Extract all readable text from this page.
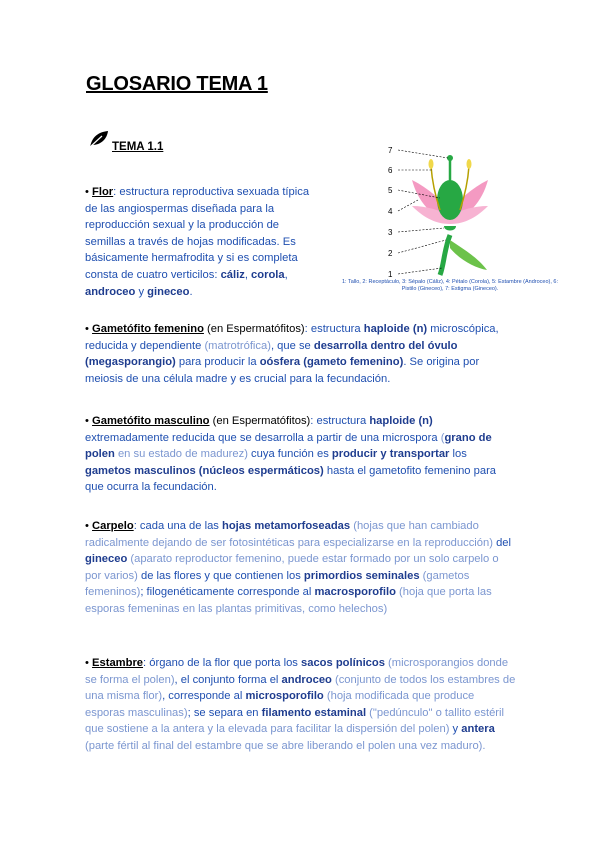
GLOSARIO TEMA 1
TEMA 1.1
• Flor: estructura reproductiva sexuada típica de las angiospermas diseñada para la reproducción sexual y la producción de semillas a través de hojas modificadas. Es básicamente hermafrodita y si es completa consta de cuatro verticilos: cáliz, corola, androceo y gineceo.
7
6
5
4
3
2
1
1: Tallo, 2: Receptáculo, 3: Sépalo (Cáliz), 4: Pétalo (Corola), 5: Estambre (Androceo), 6: Pistilo (Gineceo), 7: Estigma (Gineceo).
• Gametófito femenino (en Espermatófitos): estructura haploide (n) microscópica, reducida y dependiente (matrotrófica), que se desarrolla dentro del óvulo (megasporangio) para producir la oósfera (gameto femenino). Se origina por meiosis de una célula madre y es crucial para la fecundación.
• Gametófito masculino (en Espermatófitos): estructura haploide (n) extremadamente reducida que se desarrolla a partir de una microspora (grano de polen en su estado de madurez) cuya función es producir y transportar los gametos masculinos (núcleos espermáticos) hasta el gametofito femenino para que ocurra la fecundación.
• Carpelo: cada una de las hojas metamorfoseadas (hojas que han cambiado radicalmente dejando de ser fotosintéticas para especializarse en la reproducción) del gineceo (aparato reproductor femenino, puede estar formado por un solo carpelo o por varios) de las flores y que contienen los primordios seminales (gametos femeninos); filogenéticamente corresponde al macrosporofilo (hoja que porta las esporas femeninas en las plantas primitivas, como helechos)
• Estambre: órgano de la flor que porta los sacos polínicos (microsporangios donde se forma el polen), el conjunto forma el androceo (conjunto de todos los estambres de una misma flor), corresponde al microsporofilo (hoja modificada que produce esporas masculinas); se separa en filamento estaminal ("pedúnculo" o tallito estéril que sostiene a la antera y la elevada para facilitar la dispersión del polen) y antera (parte fértil al final del estambre que se abre liberando el polen una vez maduro).
